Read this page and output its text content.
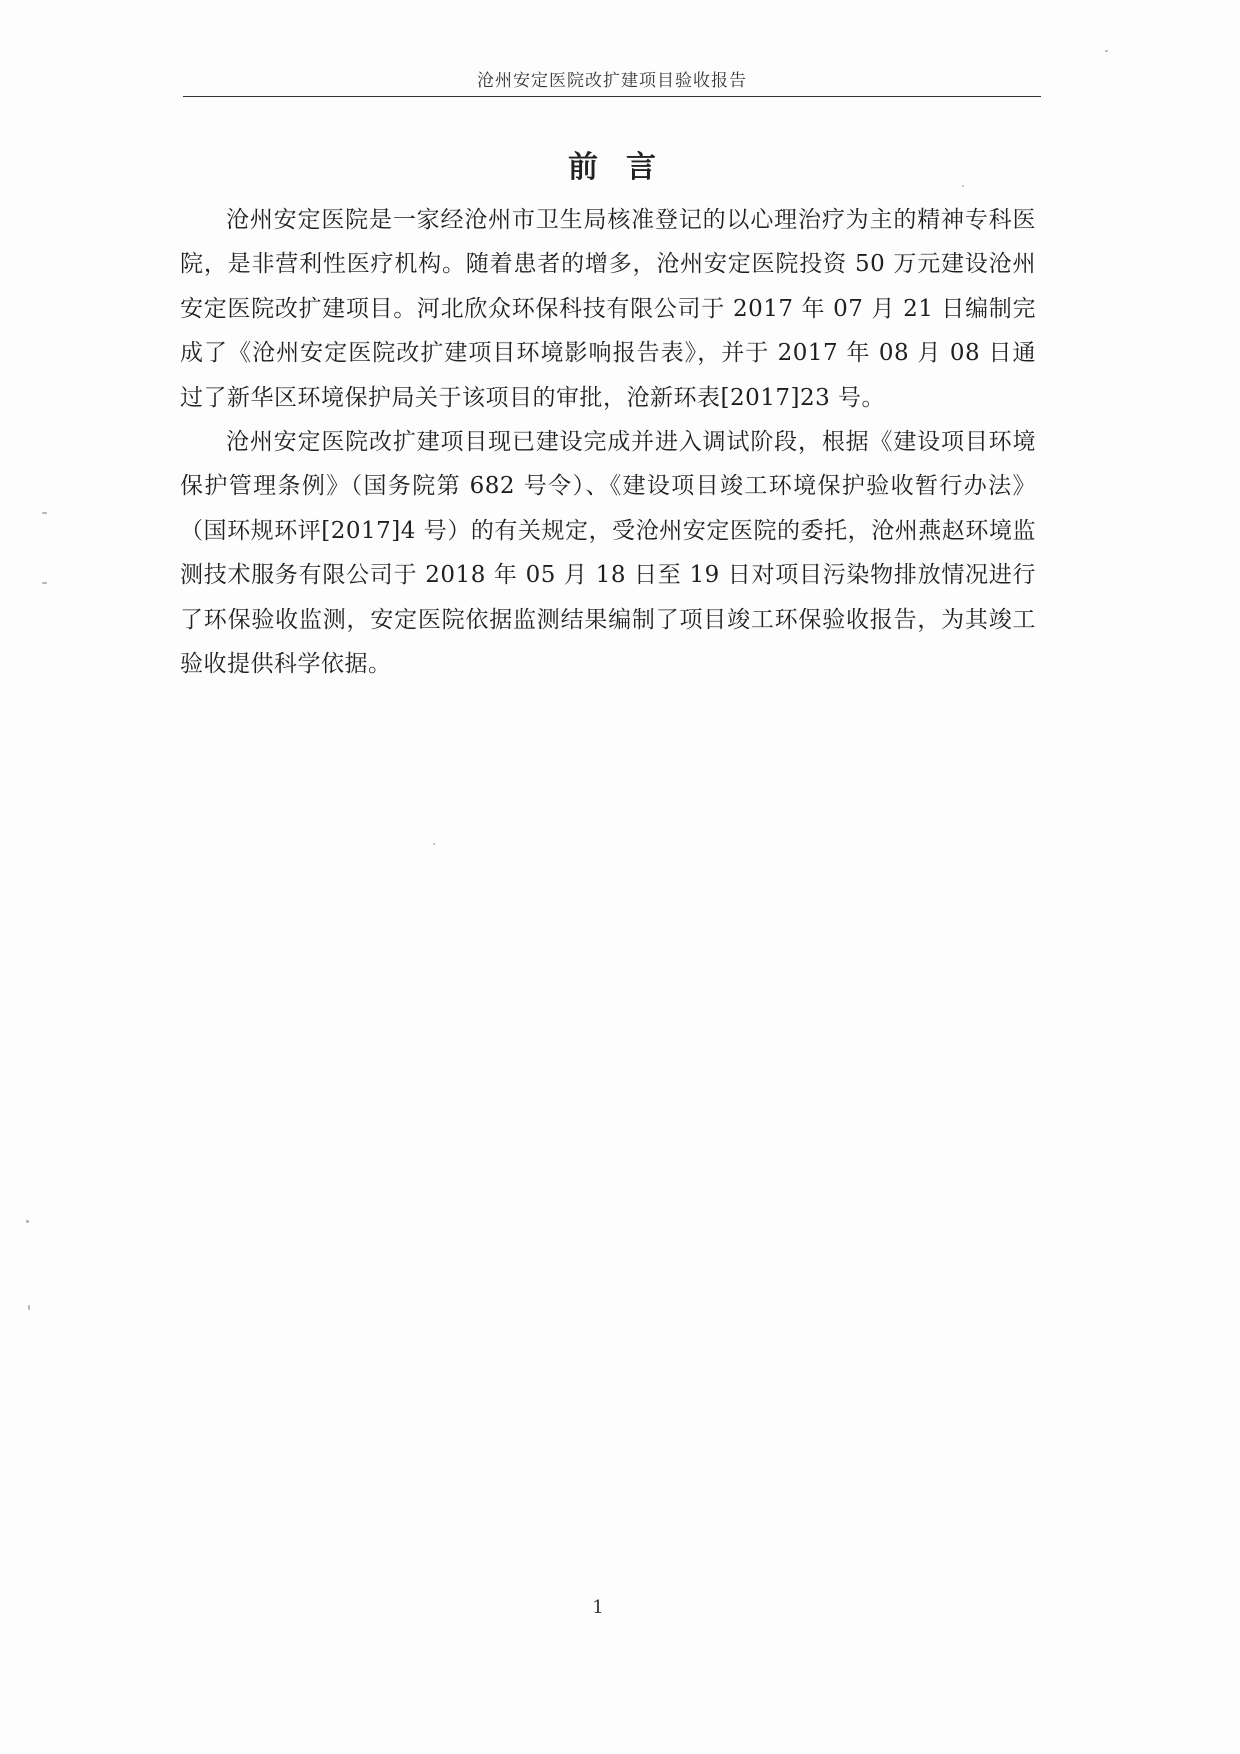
沧州安定医院改扩建项目验收报告
前言

沧州安定医院是一家经沧州市卫生局核准登记的以心理治疗为主的精神专科医院，是非营利性医疗机构。随着患者的增多，沧州安定医院投资 50 万元建设沧州安定医院改扩建项目。河北欣众环保科技有限公司于 2017 年 07 月 21 日编制完成了《沧州安定医院改扩建项目环境影响报告表》，并于 2017 年 08 月 08 日通过了新华区环境保护局关于该项目的审批，沧新环表[2017]23 号。

沧州安定医院改扩建项目现已建设完成并进入调试阶段，根据《建设项目环境保护管理条例》（国务院第 682 号令）、《建设项目竣工环境保护验收暂行办法》（国环规环评[2017]4 号）的有关规定，受沧州安定医院的委托，沧州燕赵环境监测技术服务有限公司于 2018 年 05 月 18 日至 19 日对项目污染物排放情况进行了环保验收监测，安定医院依据监测结果编制了项目竣工环保验收报告，为其竣工验收提供科学依据。

1
